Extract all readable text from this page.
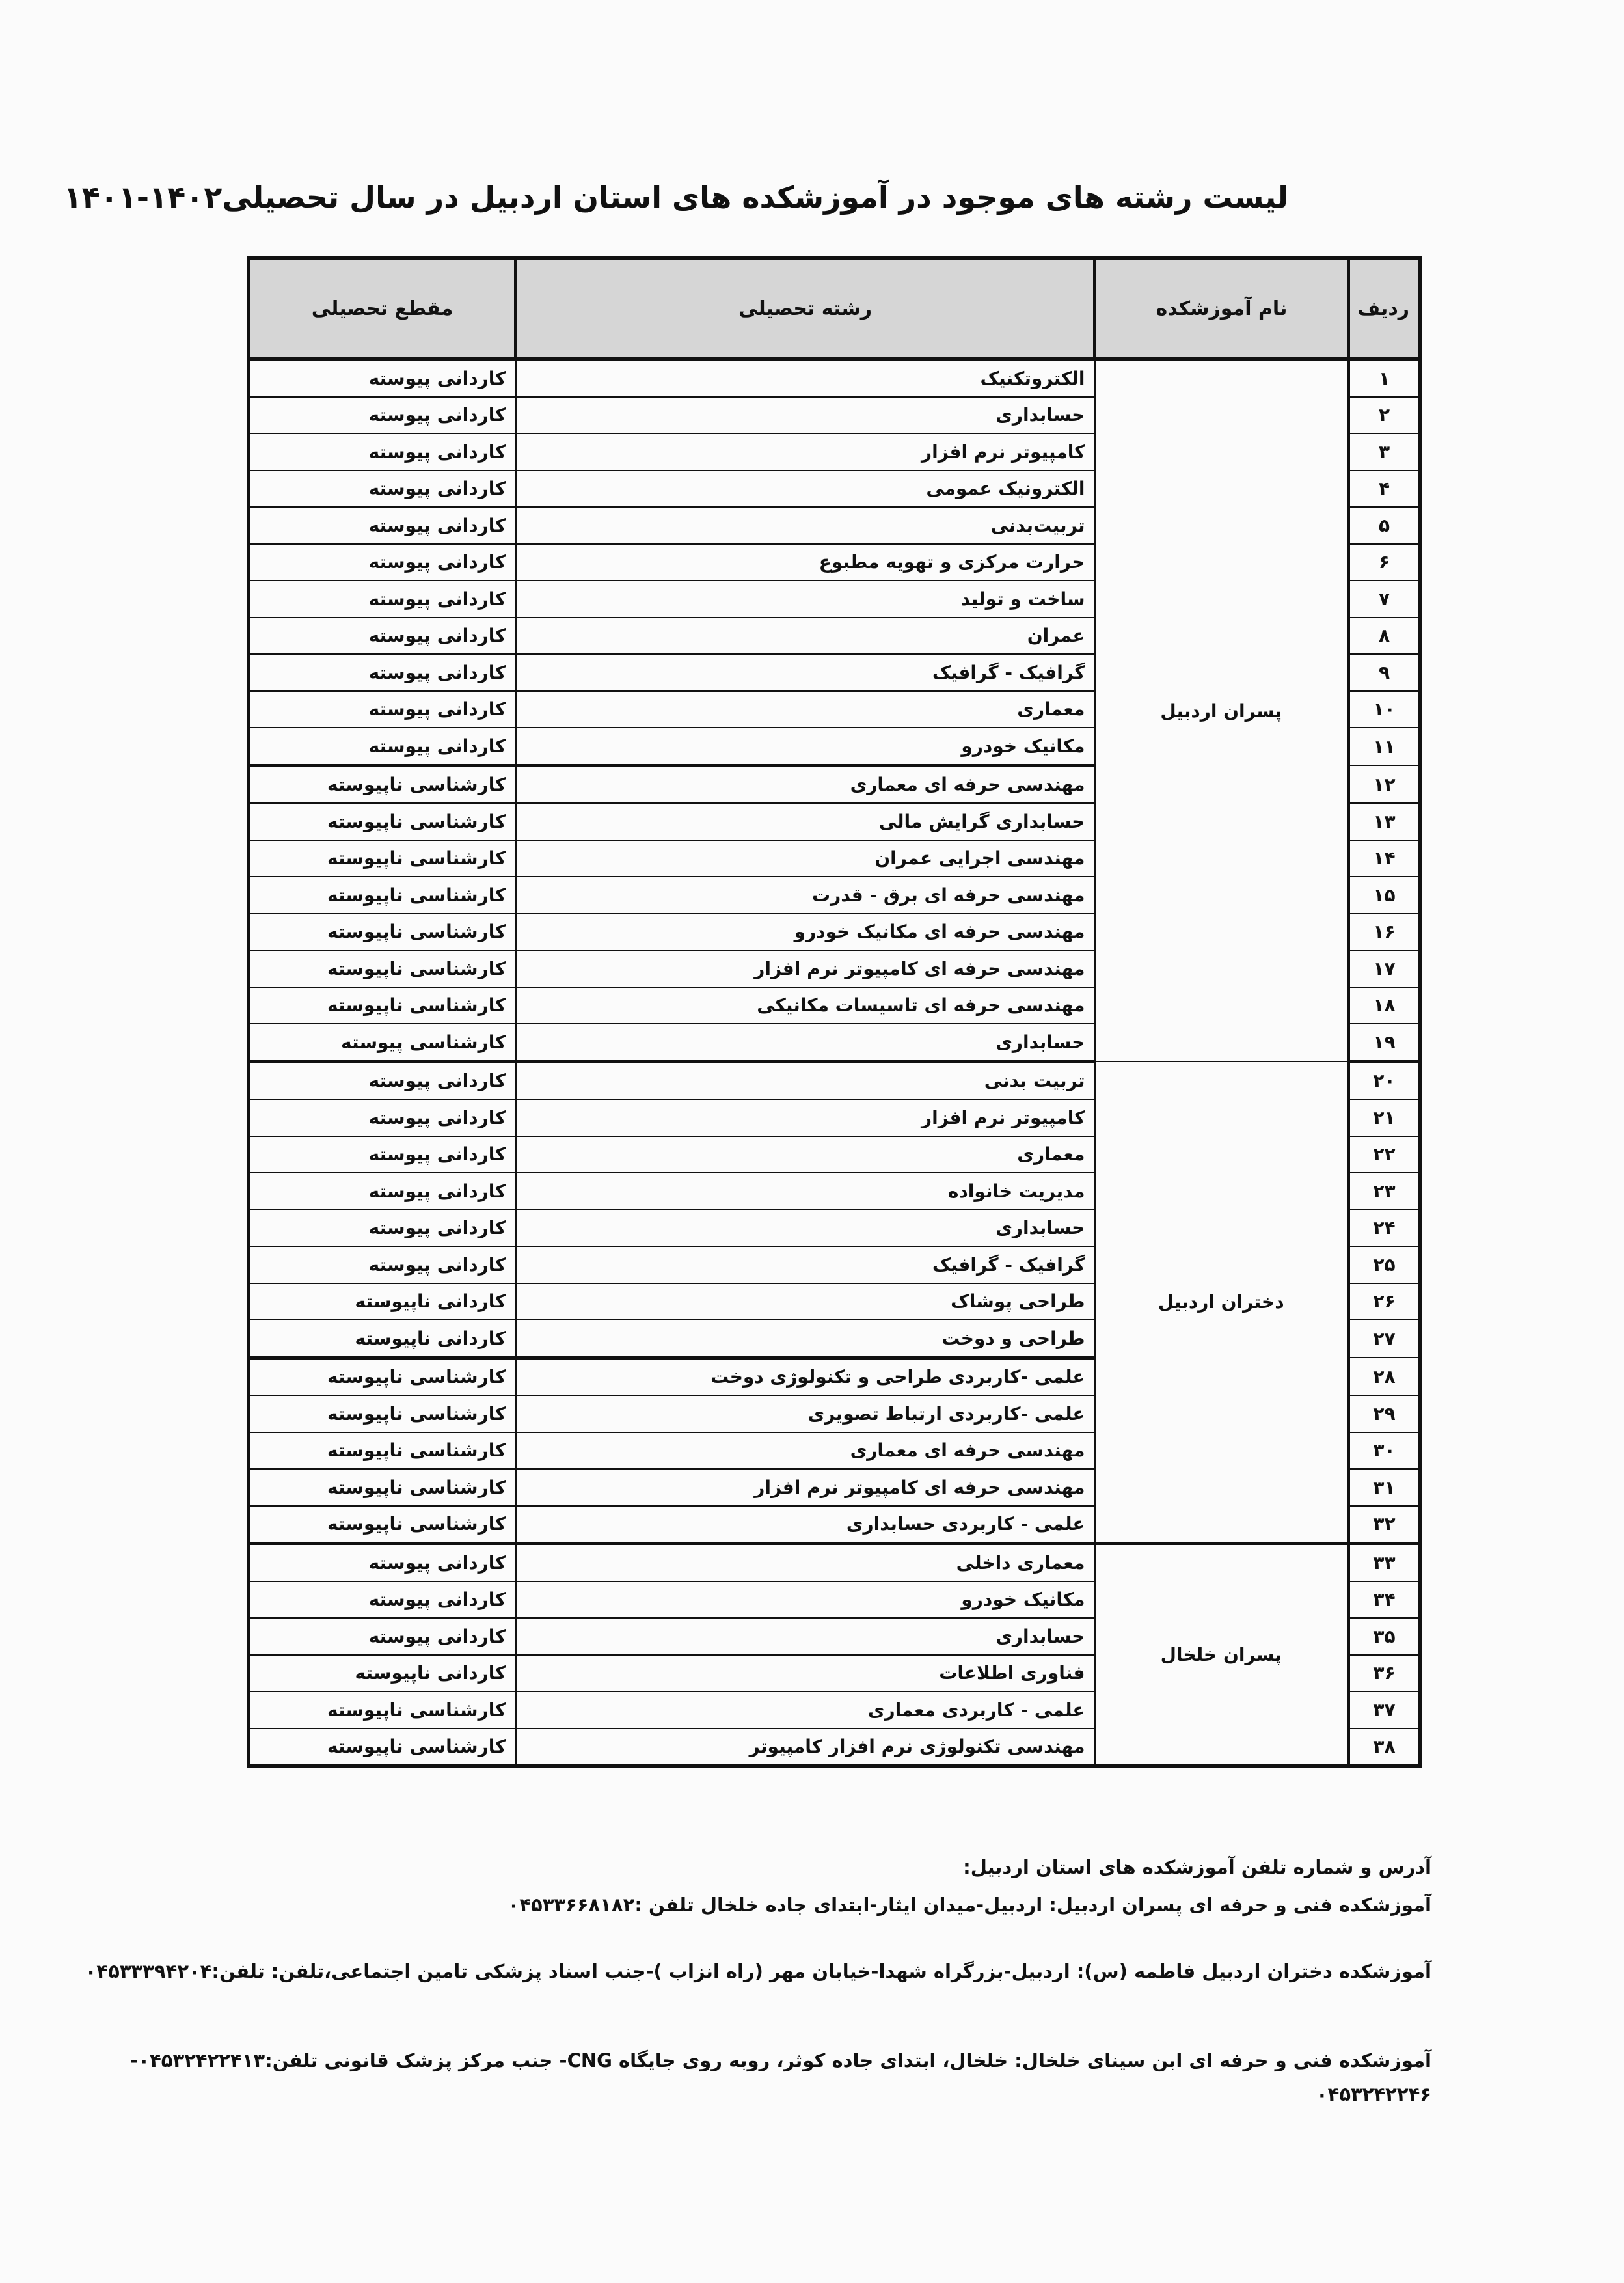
لیست رشته های موجود در آموزشکده های استان اردبیل در سال تحصیلی۱۴۰۲-۱۴۰۱
ردیف	نام آموزشکده	رشته تحصیلی	مقطع تحصیلی
۱	پسران اردبیل	الکتروتکنیک	کاردانی پیوسته
۲		حسابداری	کاردانی پیوسته
۳		کامپیوتر نرم افزار	کاردانی پیوسته
۴		الکترونیک عمومی	کاردانی پیوسته
۵		تربیت‌بدنی	کاردانی پیوسته
۶		حرارت مرکزی و تهویه مطبوع	کاردانی پیوسته
۷		ساخت و تولید	کاردانی پیوسته
۸		عمران	کاردانی پیوسته
۹		گرافیک - گرافیک	کاردانی پیوسته
۱۰		معماری	کاردانی پیوسته
۱۱		مکانیک خودرو	کاردانی پیوسته
۱۲		مهندسی حرفه ای معماری	کارشناسی ناپیوسته
۱۳		حسابداری گرایش مالی	کارشناسی ناپیوسته
۱۴		مهندسی اجرایی عمران	کارشناسی ناپیوسته
۱۵		مهندسی حرفه ای برق - قدرت	کارشناسی ناپیوسته
۱۶		مهندسی حرفه ای مکانیک خودرو	کارشناسی ناپیوسته
۱۷		مهندسی حرفه ای کامپیوتر نرم افزار	کارشناسی ناپیوسته
۱۸		مهندسی حرفه ای تاسیسات مکانیکی	کارشناسی ناپیوسته
۱۹		حسابداری	کارشناسی پیوسته
۲۰	دختران اردبیل	تربیت بدنی	کاردانی پیوسته
۲۱		کامپیوتر نرم افزار	کاردانی پیوسته
۲۲		معماری	کاردانی پیوسته
۲۳		مدیریت خانواده	کاردانی پیوسته
۲۴		حسابداری	کاردانی پیوسته
۲۵		گرافیک - گرافیک	کاردانی پیوسته
۲۶		طراحی پوشاک	کاردانی ناپیوسته
۲۷		طراحی و دوخت	کاردانی ناپیوسته
۲۸		علمی -کاربردی طراحی و تکنولوژی دوخت	کارشناسی ناپیوسته
۲۹		علمی -کاربردی ارتباط تصویری	کارشناسی ناپیوسته
۳۰		مهندسی حرفه ای معماری	کارشناسی ناپیوسته
۳۱		مهندسی حرفه ای کامپیوتر نرم افزار	کارشناسی ناپیوسته
۳۲		علمی - کاربردی حسابداری	کارشناسی ناپیوسته
۳۳	پسران خلخال	معماری داخلی	کاردانی پیوسته
۳۴		مکانیک خودرو	کاردانی پیوسته
۳۵		حسابداری	کاردانی پیوسته
۳۶		فناوری اطلاعات	کاردانی ناپیوسته
۳۷		علمی - کاربردی معماری	کارشناسی ناپیوسته
۳۸		مهندسی تکنولوژی نرم افزار کامپیوتر	کارشناسی ناپیوسته
آدرس و شماره تلفن آموزشکده های استان اردبیل:
آموزشکده فنی و حرفه ای پسران اردبیل: اردبیل-میدان ایثار-ابتدای جاده خلخال تلفن :۰۴۵۳۳۶۶۸۱۸۲
آموزشکده دختران اردبیل فاطمه (س): اردبیل-بزرگراه شهدا-خیابان مهر (راه انزاب )-جنب اسناد پزشکی تامین اجتماعی،تلفن: تلفن:۰۴۵۳۳۳۹۴۲۰۴
آموزشکده فنی و حرفه ای ابن سینای خلخال: خلخال، ابتدای جاده کوثر، روبه روی جایگاه CNG- جنب مرکز پزشک قانونی تلفن:۰۴۵۳۲۴۲۲۴۱۳-
۰۴۵۳۲۴۲۲۴۶
